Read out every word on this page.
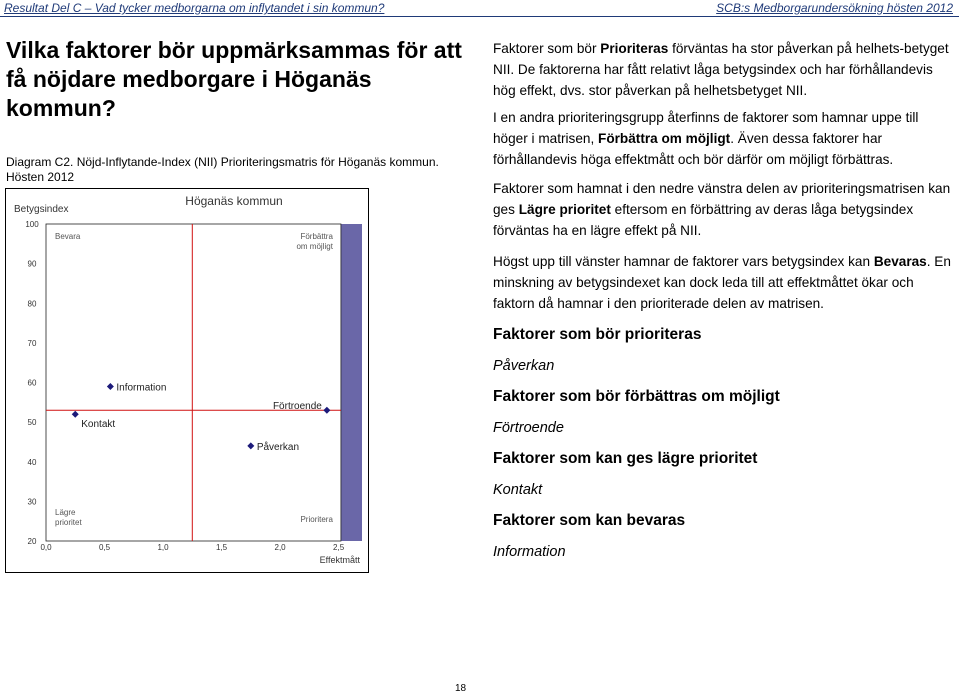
Resultat Del C – Vad tycker medborgarna om inflytandet i sin kommun?	SCB:s Medborgarundersökning hösten 2012
Vilka faktorer bör uppmärksammas för att få nöjdare medborgare i Höganäs kommun?
Diagram C2. Nöjd-Inflytande-Index (NII) Prioriteringsmatris för Höganäs kommun. Hösten 2012
Höganäs kommun
Betygsindex
Effektmått
100
90
80
70
60
50
40
30
20
0,0	0,5	1,0	1,5	2,0	2,5
Bevara	Förbättra
om möjligt
Lägre
prioritet	Prioritera
Information
Kontakt
Förtroende
Påverkan
Faktorer som bör Prioriteras förväntas ha stor påverkan på helhets-betyget NII. De faktorerna har fått relativt låga betygsindex och har förhållandevis hög effekt, dvs. stor påverkan på helhetsbetyget NII.
I en andra prioriteringsgrupp återfinns de faktorer som hamnar uppe till höger i matrisen, Förbättra om möjligt. Även dessa faktorer har förhållandevis höga effektmått och bör därför om möjligt förbättras.
Faktorer som hamnat i den nedre vänstra delen av prioriteringsmatrisen kan ges Lägre prioritet eftersom en förbättring av deras låga betygsindex förväntas ha en lägre effekt på NII.
Högst upp till vänster hamnar de faktorer vars betygsindex kan Bevaras. En minskning av betygsindexet kan dock leda till att effektmåttet ökar och faktorn då hamnar i den prioriterade delen av matrisen.
Faktorer som bör prioriteras
Påverkan
Faktorer som bör förbättras om möjligt
Förtroende
Faktorer som kan ges lägre prioritet
Kontakt
Faktorer som kan bevaras
Information
18
